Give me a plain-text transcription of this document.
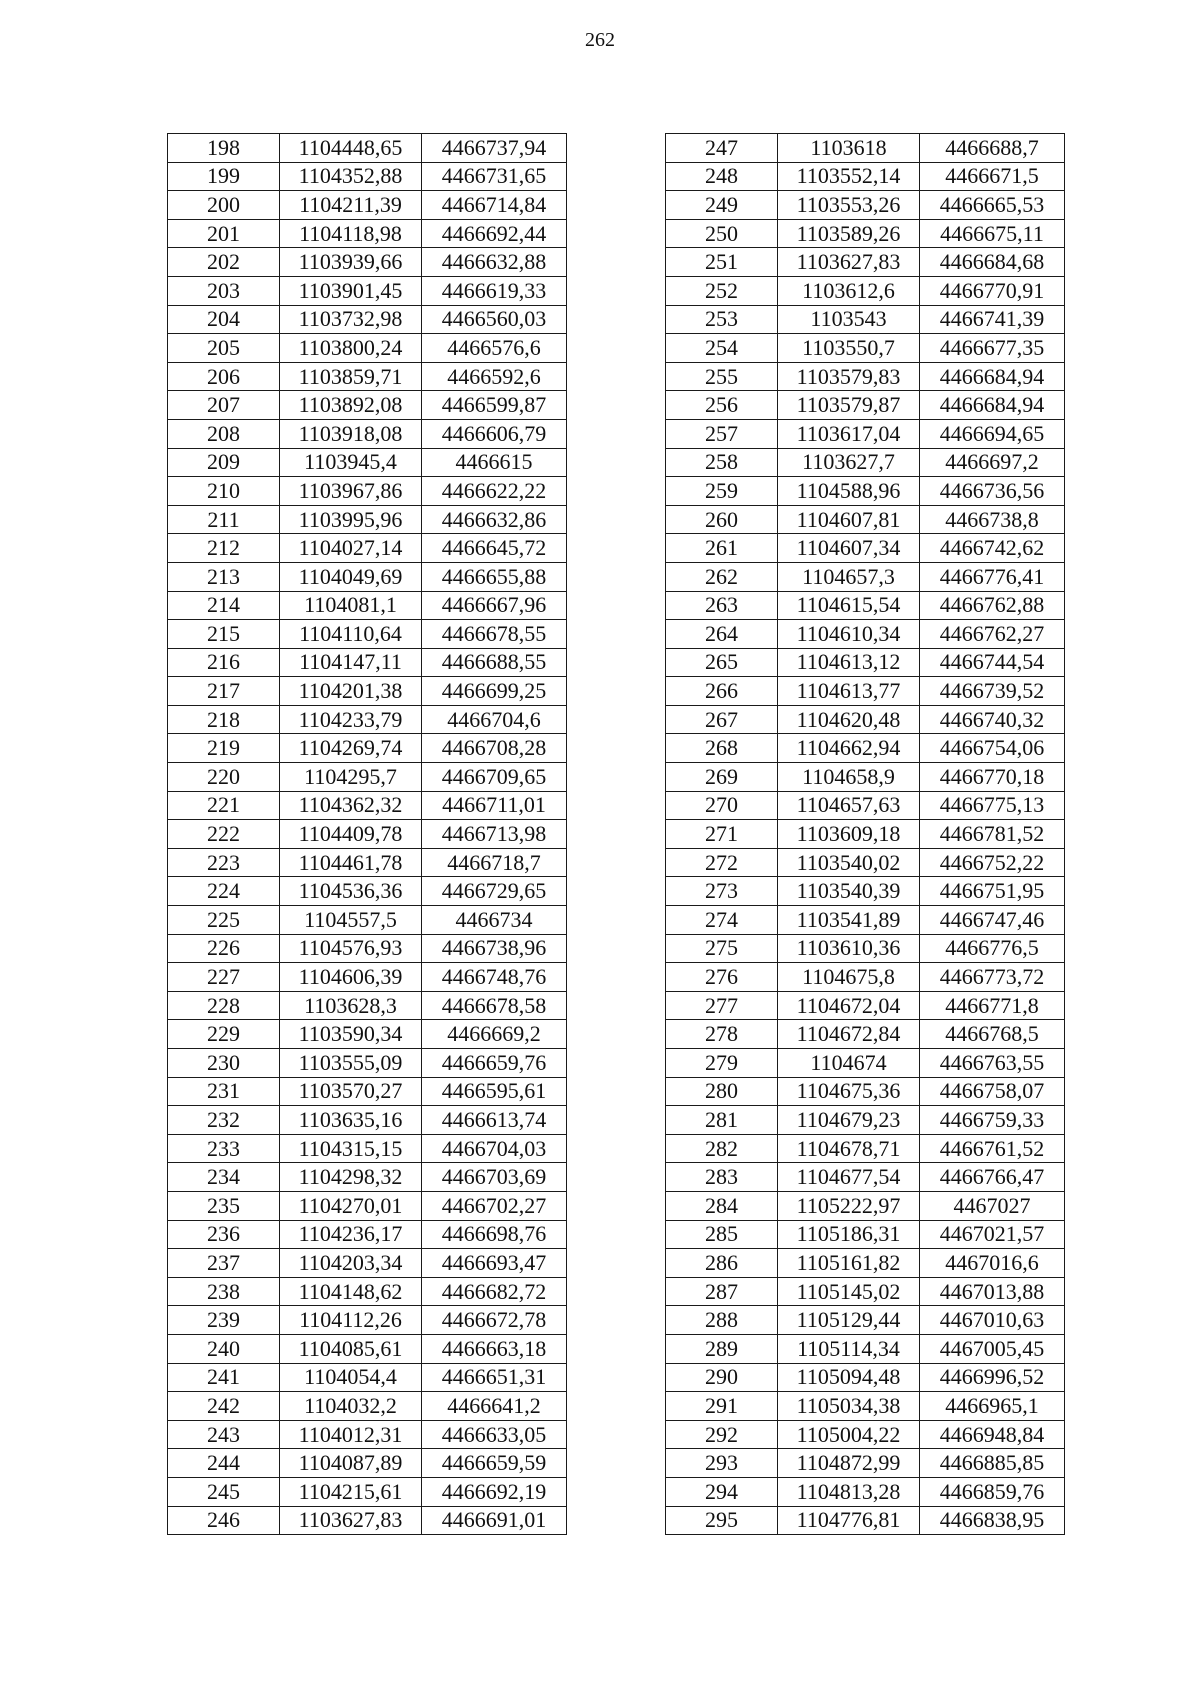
262
198	1104448,65	4466737,94
199	1104352,88	4466731,65
200	1104211,39	4466714,84
201	1104118,98	4466692,44
202	1103939,66	4466632,88
203	1103901,45	4466619,33
204	1103732,98	4466560,03
205	1103800,24	4466576,6
206	1103859,71	4466592,6
207	1103892,08	4466599,87
208	1103918,08	4466606,79
209	1103945,4	4466615
210	1103967,86	4466622,22
211	1103995,96	4466632,86
212	1104027,14	4466645,72
213	1104049,69	4466655,88
214	1104081,1	4466667,96
215	1104110,64	4466678,55
216	1104147,11	4466688,55
217	1104201,38	4466699,25
218	1104233,79	4466704,6
219	1104269,74	4466708,28
220	1104295,7	4466709,65
221	1104362,32	4466711,01
222	1104409,78	4466713,98
223	1104461,78	4466718,7
224	1104536,36	4466729,65
225	1104557,5	4466734
226	1104576,93	4466738,96
227	1104606,39	4466748,76
228	1103628,3	4466678,58
229	1103590,34	4466669,2
230	1103555,09	4466659,76
231	1103570,27	4466595,61
232	1103635,16	4466613,74
233	1104315,15	4466704,03
234	1104298,32	4466703,69
235	1104270,01	4466702,27
236	1104236,17	4466698,76
237	1104203,34	4466693,47
238	1104148,62	4466682,72
239	1104112,26	4466672,78
240	1104085,61	4466663,18
241	1104054,4	4466651,31
242	1104032,2	4466641,2
243	1104012,31	4466633,05
244	1104087,89	4466659,59
245	1104215,61	4466692,19
246	1103627,83	4466691,01
247	1103618	4466688,7
248	1103552,14	4466671,5
249	1103553,26	4466665,53
250	1103589,26	4466675,11
251	1103627,83	4466684,68
252	1103612,6	4466770,91
253	1103543	4466741,39
254	1103550,7	4466677,35
255	1103579,83	4466684,94
256	1103579,87	4466684,94
257	1103617,04	4466694,65
258	1103627,7	4466697,2
259	1104588,96	4466736,56
260	1104607,81	4466738,8
261	1104607,34	4466742,62
262	1104657,3	4466776,41
263	1104615,54	4466762,88
264	1104610,34	4466762,27
265	1104613,12	4466744,54
266	1104613,77	4466739,52
267	1104620,48	4466740,32
268	1104662,94	4466754,06
269	1104658,9	4466770,18
270	1104657,63	4466775,13
271	1103609,18	4466781,52
272	1103540,02	4466752,22
273	1103540,39	4466751,95
274	1103541,89	4466747,46
275	1103610,36	4466776,5
276	1104675,8	4466773,72
277	1104672,04	4466771,8
278	1104672,84	4466768,5
279	1104674	4466763,55
280	1104675,36	4466758,07
281	1104679,23	4466759,33
282	1104678,71	4466761,52
283	1104677,54	4466766,47
284	1105222,97	4467027
285	1105186,31	4467021,57
286	1105161,82	4467016,6
287	1105145,02	4467013,88
288	1105129,44	4467010,63
289	1105114,34	4467005,45
290	1105094,48	4466996,52
291	1105034,38	4466965,1
292	1105004,22	4466948,84
293	1104872,99	4466885,85
294	1104813,28	4466859,76
295	1104776,81	4466838,95
